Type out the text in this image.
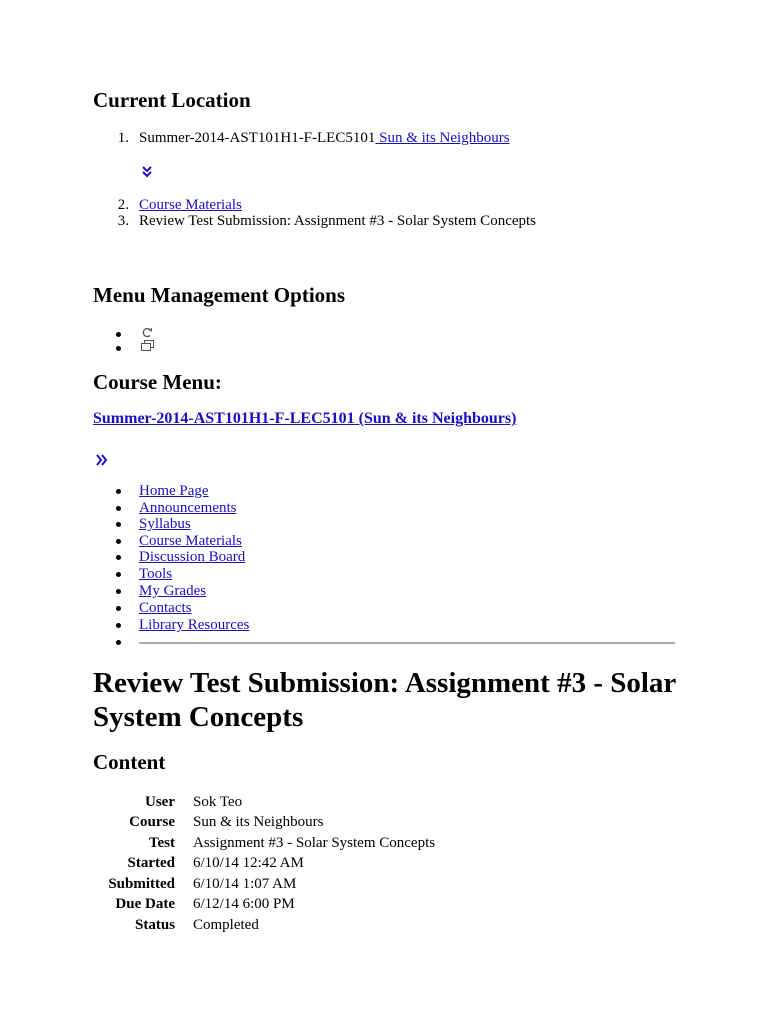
Current Location
1. Summer-2014-AST101H1-F-LEC5101 Sun & its Neighbours
2. Course Materials
3. Review Test Submission: Assignment #3 - Solar System Concepts
Menu Management Options
Course Menu:
Summer-2014-AST101H1-F-LEC5101 (Sun & its Neighbours)
Home Page
Announcements
Syllabus
Course Materials
Discussion Board
Tools
My Grades
Contacts
Library Resources
Review Test Submission: Assignment #3 - Solar System Concepts
Content
User Sok Teo
Course Sun & its Neighbours
Test Assignment #3 - Solar System Concepts
Started 6/10/14 12:42 AM
Submitted 6/10/14 1:07 AM
Due Date 6/12/14 6:00 PM
Status Completed
